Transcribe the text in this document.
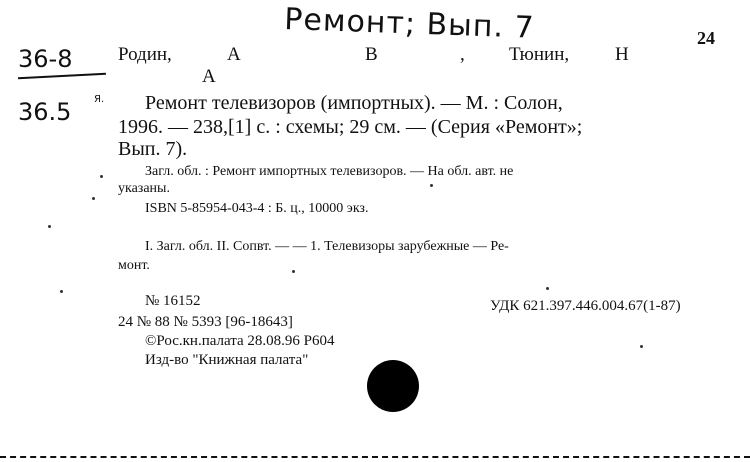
Ремонт; Вып. 7	24
36-8
36.5 Я.
Родин,	А	В	, Тюнин, Н
А
Ремонт телевизоров (импортных). — М. : Солон,
1996. — 238,[1] с. : схемы; 29 см. — (Серия «Ремонт»;
Вып. 7).
Загл. обл. : Ремонт импортных телевизоров. — На обл. авт. не
указаны.
ISBN 5-85954-043-4 : Б. ц., 10000 экз.
I. Загл. обл. II. Сопвт. — — 1. Телевизоры зарубежные — Ре-
монт.
№ 16152	УДК 621.397.446.004.67(1-87)
24 № 88 № 5393 [96-18643]
©Рос.кн.палата 28.08.96 Р604
Изд-во "Книжная палата"
